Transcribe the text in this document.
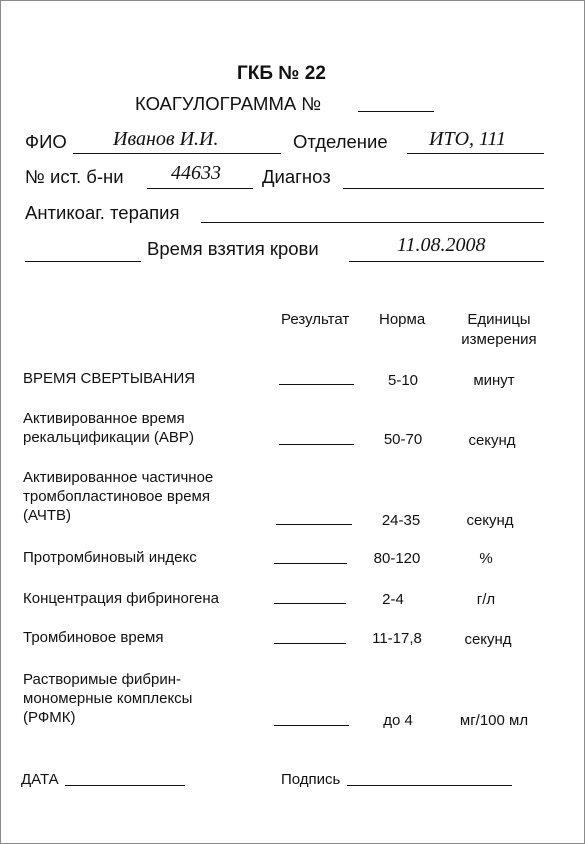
ГКБ № 22
КОАГУЛОГРАММА №
ФИО Иванов И.И.	Отделение ИТО, 111
№ ист. б-ни 44633 Диагноз
Антикоаг. терапия
Время взятия крови	11.08.2008
Результат Норма	Единицы
измерения
ВРЕМЯ СВЕРТЫВАНИЯ	5-10	минут
Активированное время
рекальцификации (АВР)	50-70	секунд
Активированное частичное
тромбопластиновое время
(АЧТВ)	24-35	секунд
Протромбиновый индекс	80-120	%
Концентрация фибриногена	2-4	г/л
Тромбиновое время	11-17,8	секунд
Растворимые фибрин-
мономерные комплексы
(РФМК)	до 4	мг/100 мл
ДАТА	Подпись
